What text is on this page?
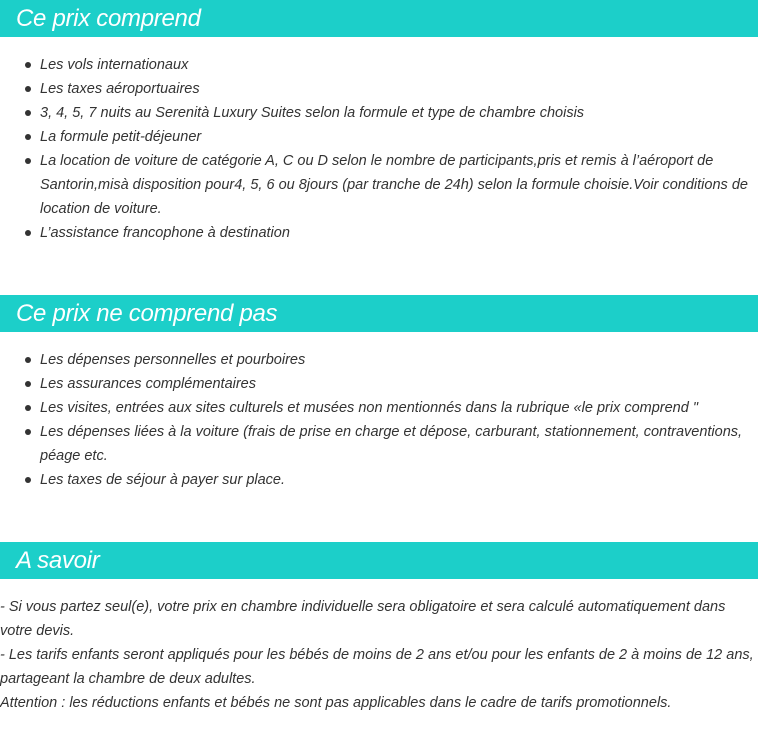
Ce prix comprend
Les vols internationaux
Les taxes aéroportuaires
3, 4, 5, 7 nuits au Serenità Luxury Suites selon la formule et type de chambre choisis
La formule petit-déjeuner
La location de voiture de catégorie A, C ou D selon le nombre de participants,pris et remis à l’aéroport de Santorin,misà disposition pour4, 5, 6 ou 8jours (par tranche de 24h) selon la formule choisie.Voir conditions de location de voiture.
L’assistance francophone à destination
Ce prix ne comprend pas
Les dépenses personnelles et pourboires
Les assurances complémentaires
Les visites, entrées aux sites culturels et musées non mentionnés dans la rubrique «le prix comprend "
Les dépenses liées à la voiture (frais de prise en charge et dépose, carburant, stationnement, contraventions, péage etc.
Les taxes de séjour à payer sur place.
A savoir

- Si vous partez seul(e), votre prix en chambre individuelle sera obligatoire et sera calculé automatiquement dans votre devis.

- Les tarifs enfants seront appliqués pour les bébés de moins de 2 ans et/ou pour les enfants de 2 à moins de 12 ans, partageant la chambre de deux adultes.

Attention : les réductions enfants et bébés ne sont pas applicables dans le cadre de tarifs promotionnels.
